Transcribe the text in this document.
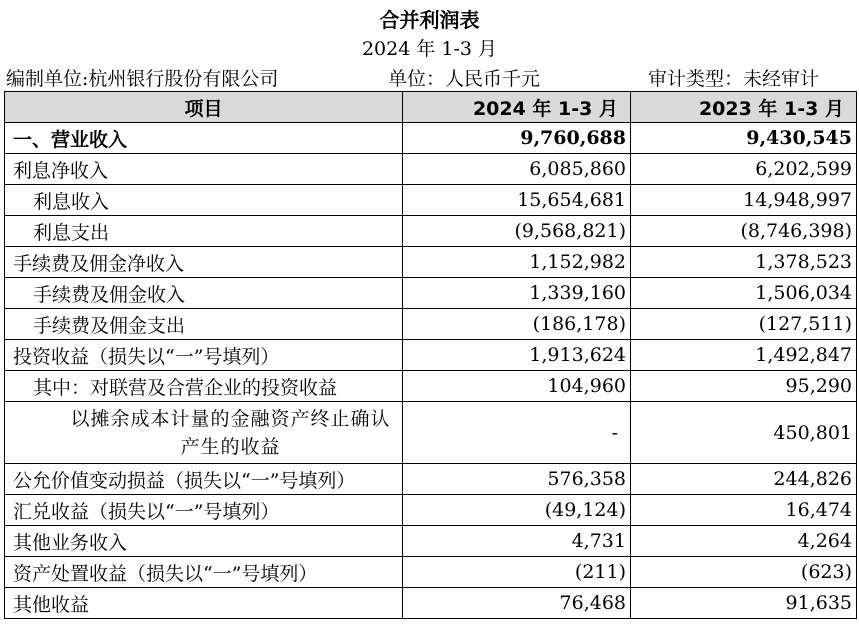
合并利润表
2024 年 1-3 月
编制单位:杭州银行股份有限公司	单位：人民币千元	审计类型：未经审计
项目	2024 年 1-3 月	2023 年 1-3 月
一、营业收入	9,760,688	9,430,545
利息净收入	6,085,860	6,202,599
利息收入	15,654,681	14,948,997
利息支出	(9,568,821)	(8,746,398)
手续费及佣金净收入	1,152,982	1,378,523
手续费及佣金收入	1,339,160	1,506,034
手续费及佣金支出	(186,178)	(127,511)
投资收益（损失以“一”号填列）	1,913,624	1,492,847
其中：对联营及合营企业的投资收益	104,960	95,290
以摊余成本计量的金融资产终止确认产生的收益	-	450,801
公允价值变动损益（损失以“一”号填列）	576,358	244,826
汇兑收益（损失以“一”号填列）	(49,124)	16,474
其他业务收入	4,731	4,264
资产处置收益（损失以“一”号填列）	(211)	(623)
其他收益	76,468	91,635
